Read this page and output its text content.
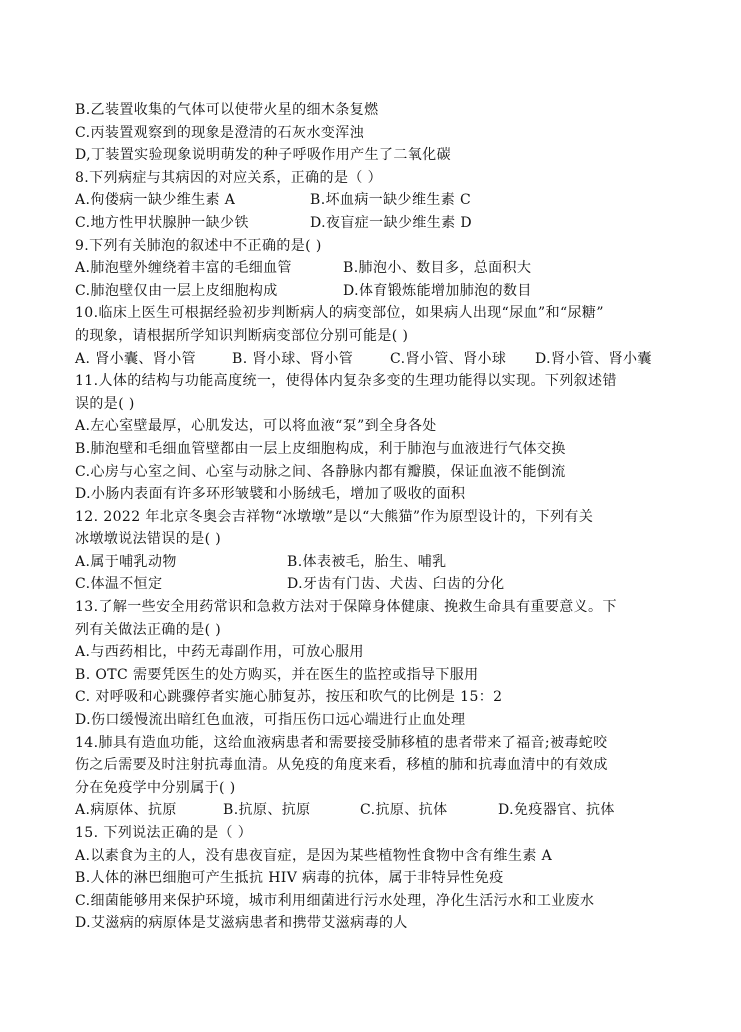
B.乙装置收集的气体可以使带火星的细木条复燃
C.丙装置观察到的现象是澄清的石灰水变浑浊
D,丁装置实验现象说明萌发的种子呼吸作用产生了二氧化碳
8.下列病症与其病因的对应关系，正确的是（ ）
A.佝偻病一缺少维生素 A	B.坏血病一缺少维生素 C
C.地方性甲状腺肿一缺少铁	D.夜盲症一缺少维生素 D
9.下列有关肺泡的叙述中不正确的是( )
A.肺泡壁外缠绕着丰富的毛细血管	B.肺泡小、数目多，总面积大
C.肺泡壁仅由一层上皮细胞构成	D.体育锻炼能增加肺泡的数目
10.临床上医生可根据经验初步判断病人的病变部位，如果病人出现“尿血”和“尿糖”
的现象，请根据所学知识判断病变部位分别可能是( )
A. 肾小囊、肾小管	B. 肾小球、肾小管	C.肾小管、肾小球	D.肾小管、肾小囊
11.人体的结构与功能高度统一，使得体内复杂多变的生理功能得以实现。下列叙述错
误的是( )
A.左心室壁最厚，心肌发达，可以将血液“泵”到全身各处
B.肺泡壁和毛细血管壁都由一层上皮细胞构成，利于肺泡与血液进行气体交换
C.心房与心室之间、心室与动脉之间、各静脉内都有瓣膜，保证血液不能倒流
D.小肠内表面有许多环形皱襞和小肠绒毛，增加了吸收的面积
12. 2022 年北京冬奥会吉祥物“冰墩墩”是以“大熊猫”作为原型设计的，下列有关
冰墩墩说法错误的是( )
A.属于哺乳动物	B.体表被毛，胎生、哺乳
C.体温不恒定	D.牙齿有门齿、犬齿、臼齿的分化
13.了解一些安全用药常识和急救方法对于保障身体健康、挽救生命具有重要意义。下
列有关做法正确的是( )
A.与西药相比，中药无毒副作用，可放心服用
B. OTC 需要凭医生的处方购买，并在医生的监控或指导下服用
C. 对呼吸和心跳骤停者实施心肺复苏，按压和吹气的比例是 15：2
D.伤口缓慢流出暗红色血液，可指压伤口远心端进行止血处理
14.肺具有造血功能，这给血液病患者和需要接受肺移植的患者带来了福音;被毒蛇咬
伤之后需要及时注射抗毒血清。从免疫的角度来看，移植的肺和抗毒血清中的有效成
分在免疫学中分别属于( )
A.病原体、抗原	B.抗原、抗原	C.抗原、抗体	D.免疫器官、抗体
15. 下列说法正确的是（ ）
A.以素食为主的人，没有患夜盲症，是因为某些植物性食物中含有维生素 A
B.人体的淋巴细胞可产生抵抗 HIV 病毒的抗体，属于非特异性免疫
C.细菌能够用来保护环境，城市利用细菌进行污水处理，净化生活污水和工业废水
D.艾滋病的病原体是艾滋病患者和携带艾滋病毒的人
